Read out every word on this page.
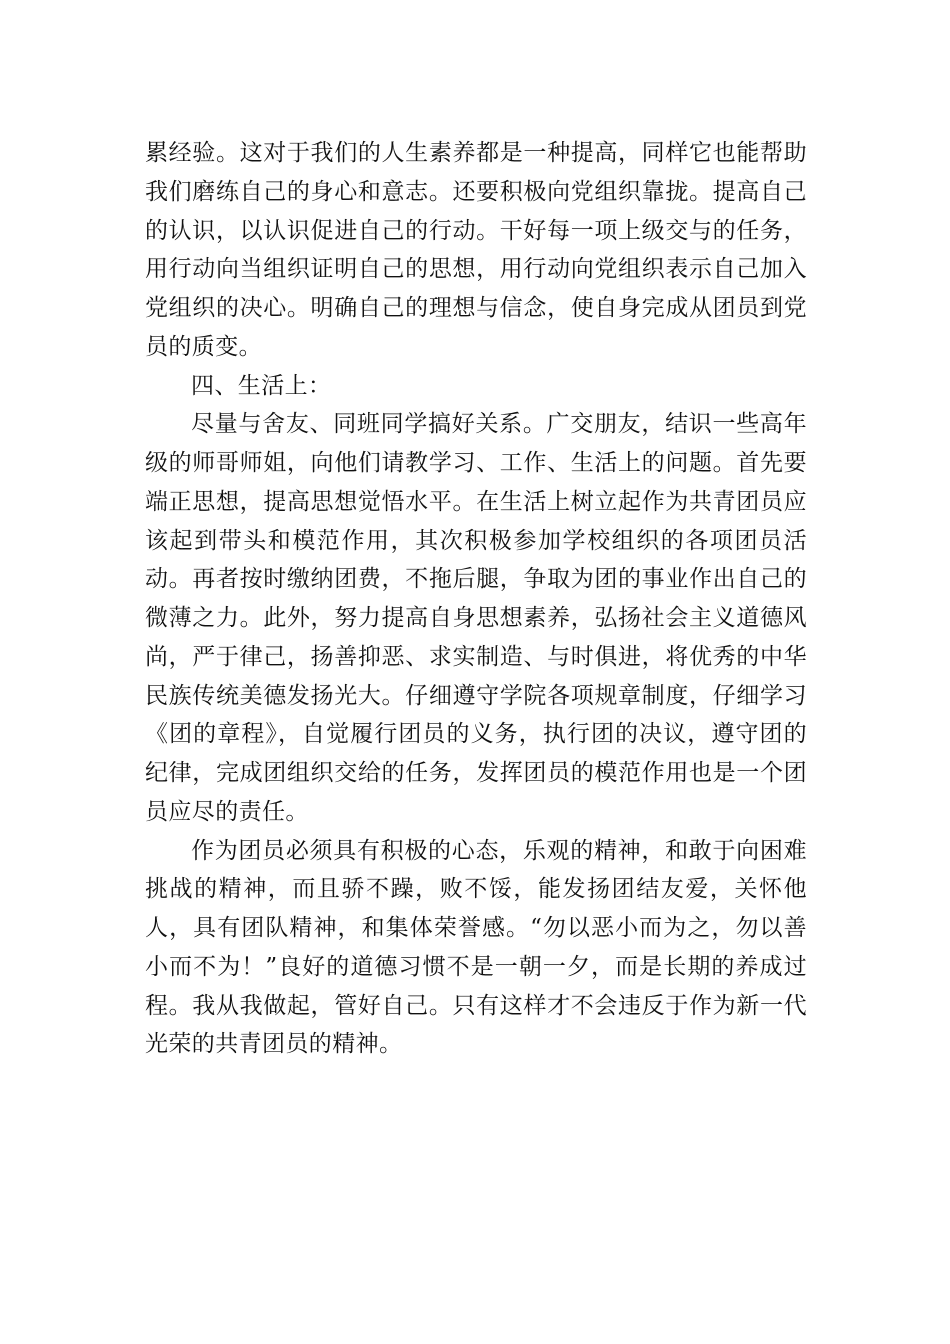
累经验。这对于我们的人生素养都是一种提高，同样它也能帮助我们磨练自己的身心和意志。还要积极向党组织靠拢。提高自己的认识，以认识促进自己的行动。干好每一项上级交与的任务，用行动向当组织证明自己的思想，用行动向党组织表示自己加入党组织的决心。明确自己的理想与信念，使自身完成从团员到党员的质变。

四、生活上：

尽量与舍友、同班同学搞好关系。广交朋友，结识一些高年级的师哥师姐，向他们请教学习、工作、生活上的问题。首先要端正思想，提高思想觉悟水平。在生活上树立起作为共青团员应该起到带头和模范作用，其次积极参加学校组织的各项团员活动。再者按时缴纳团费，不拖后腿，争取为团的事业作出自己的微薄之力。此外，努力提高自身思想素养，弘扬社会主义道德风尚，严于律己，扬善抑恶、求实制造、与时俱进，将优秀的中华民族传统美德发扬光大。仔细遵守学院各项规章制度，仔细学习《团的章程》，自觉履行团员的义务，执行团的决议，遵守团的纪律，完成团组织交给的任务，发挥团员的模范作用也是一个团员应尽的责任。

作为团员必须具有积极的心态，乐观的精神，和敢于向困难挑战的精神，而且骄不躁，败不馁，能发扬团结友爱，关怀他人，具有团队精神，和集体荣誉感。“勿以恶小而为之，勿以善小而不为！”良好的道德习惯不是一朝一夕，而是长期的养成过程。我从我做起，管好自己。只有这样才不会违反于作为新一代光荣的共青团员的精神。
